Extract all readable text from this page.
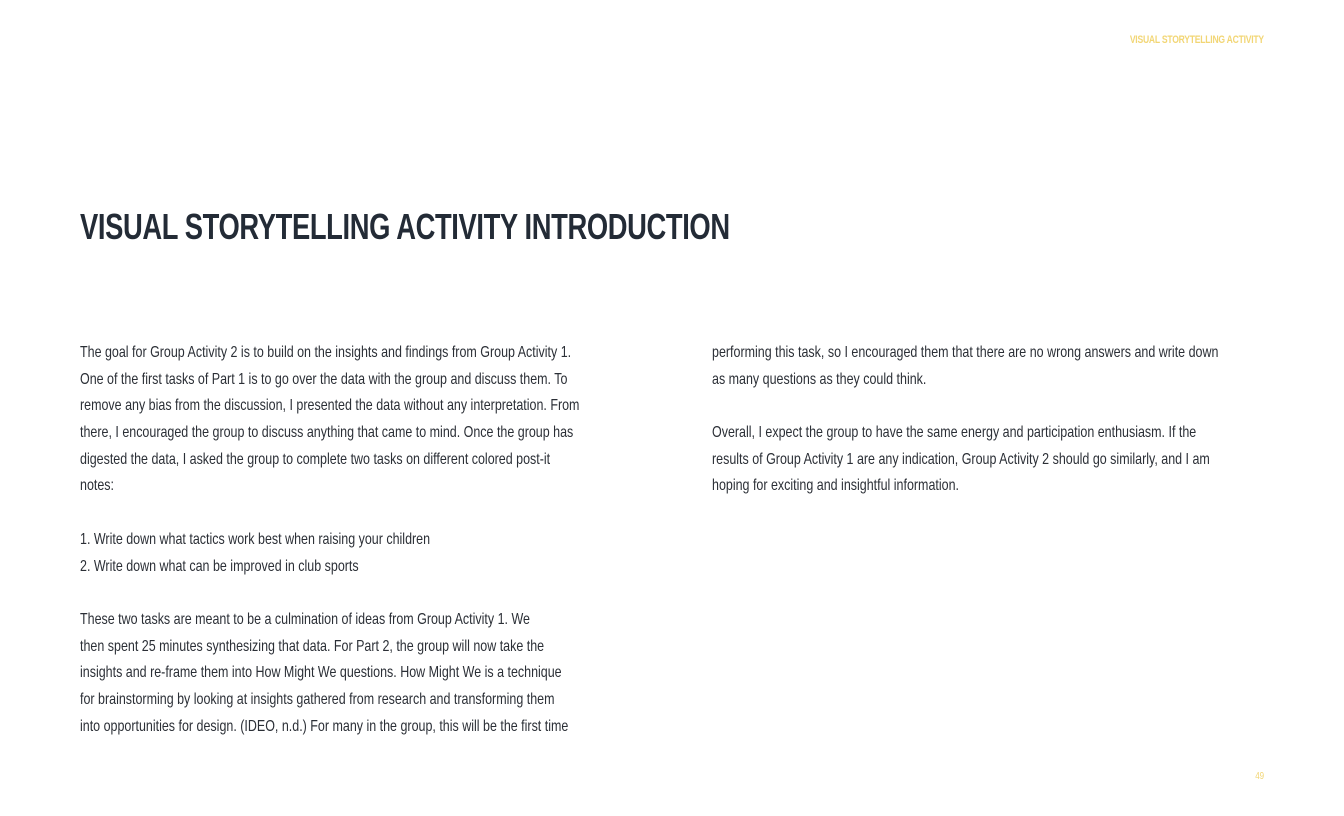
VISUAL STORYTELLING ACTIVITY
VISUAL STORYTELLING ACTIVITY INTRODUCTION

The goal for Group Activity 2 is to build on the insights and findings from Group Activity 1.
One of the first tasks of Part 1 is to go over the data with the group and discuss them. To
remove any bias from the discussion, I presented the data without any interpretation. From
there, I encouraged the group to discuss anything that came to mind. Once the group has
digested the data, I asked the group to complete two tasks on different colored post-it
notes:

1. Write down what tactics work best when raising your children
2. Write down what can be improved in club sports

These two tasks are meant to be a culmination of ideas from Group Activity 1. We
then spent 25 minutes synthesizing that data. For Part 2, the group will now take the
insights and re-frame them into How Might We questions. How Might We is a technique
for brainstorming by looking at insights gathered from research and transforming them
into opportunities for design. (IDEO, n.d.) For many in the group, this will be the first time

performing this task, so I encouraged them that there are no wrong answers and write down
as many questions as they could think.

Overall, I expect the group to have the same energy and participation enthusiasm. If the
results of Group Activity 1 are any indication, Group Activity 2 should go similarly, and I am
hoping for exciting and insightful information.

49
